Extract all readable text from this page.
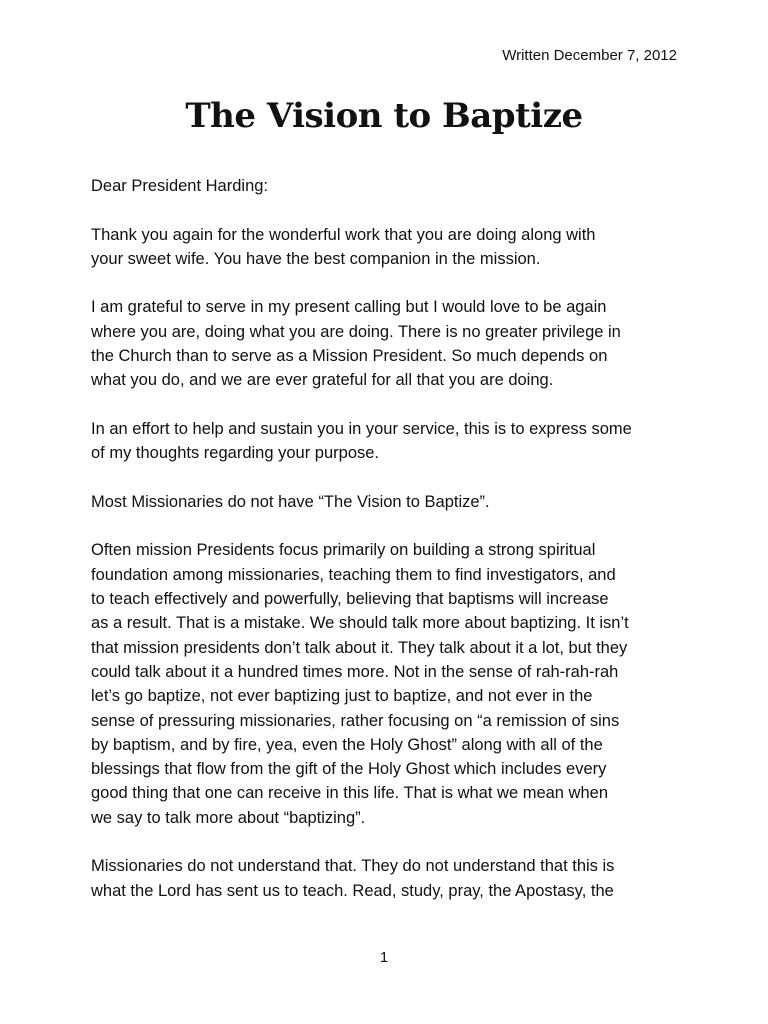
Written December 7, 2012
The Vision to Baptize

Dear President Harding:

Thank you again for the wonderful work that you are doing along with
your sweet wife. You have the best companion in the mission.

I am grateful to serve in my present calling but I would love to be again
where you are, doing what you are doing. There is no greater privilege in
the Church than to serve as a Mission President. So much depends on
what you do, and we are ever grateful for all that you are doing.

In an effort to help and sustain you in your service, this is to express some
of my thoughts regarding your purpose.

Most Missionaries do not have “The Vision to Baptize”.

Often mission Presidents focus primarily on building a strong spiritual
foundation among missionaries, teaching them to find investigators, and
to teach effectively and powerfully, believing that baptisms will increase
as a result. That is a mistake. We should talk more about baptizing. It isn’t
that mission presidents don’t talk about it. They talk about it a lot, but they
could talk about it a hundred times more. Not in the sense of rah-rah-rah
let’s go baptize, not ever baptizing just to baptize, and not ever in the
sense of pressuring missionaries, rather focusing on “a remission of sins
by baptism, and by fire, yea, even the Holy Ghost” along with all of the
blessings that flow from the gift of the Holy Ghost which includes every
good thing that one can receive in this life. That is what we mean when
we say to talk more about “baptizing”.

Missionaries do not understand that. They do not understand that this is
what the Lord has sent us to teach. Read, study, pray, the Apostasy, the

1
